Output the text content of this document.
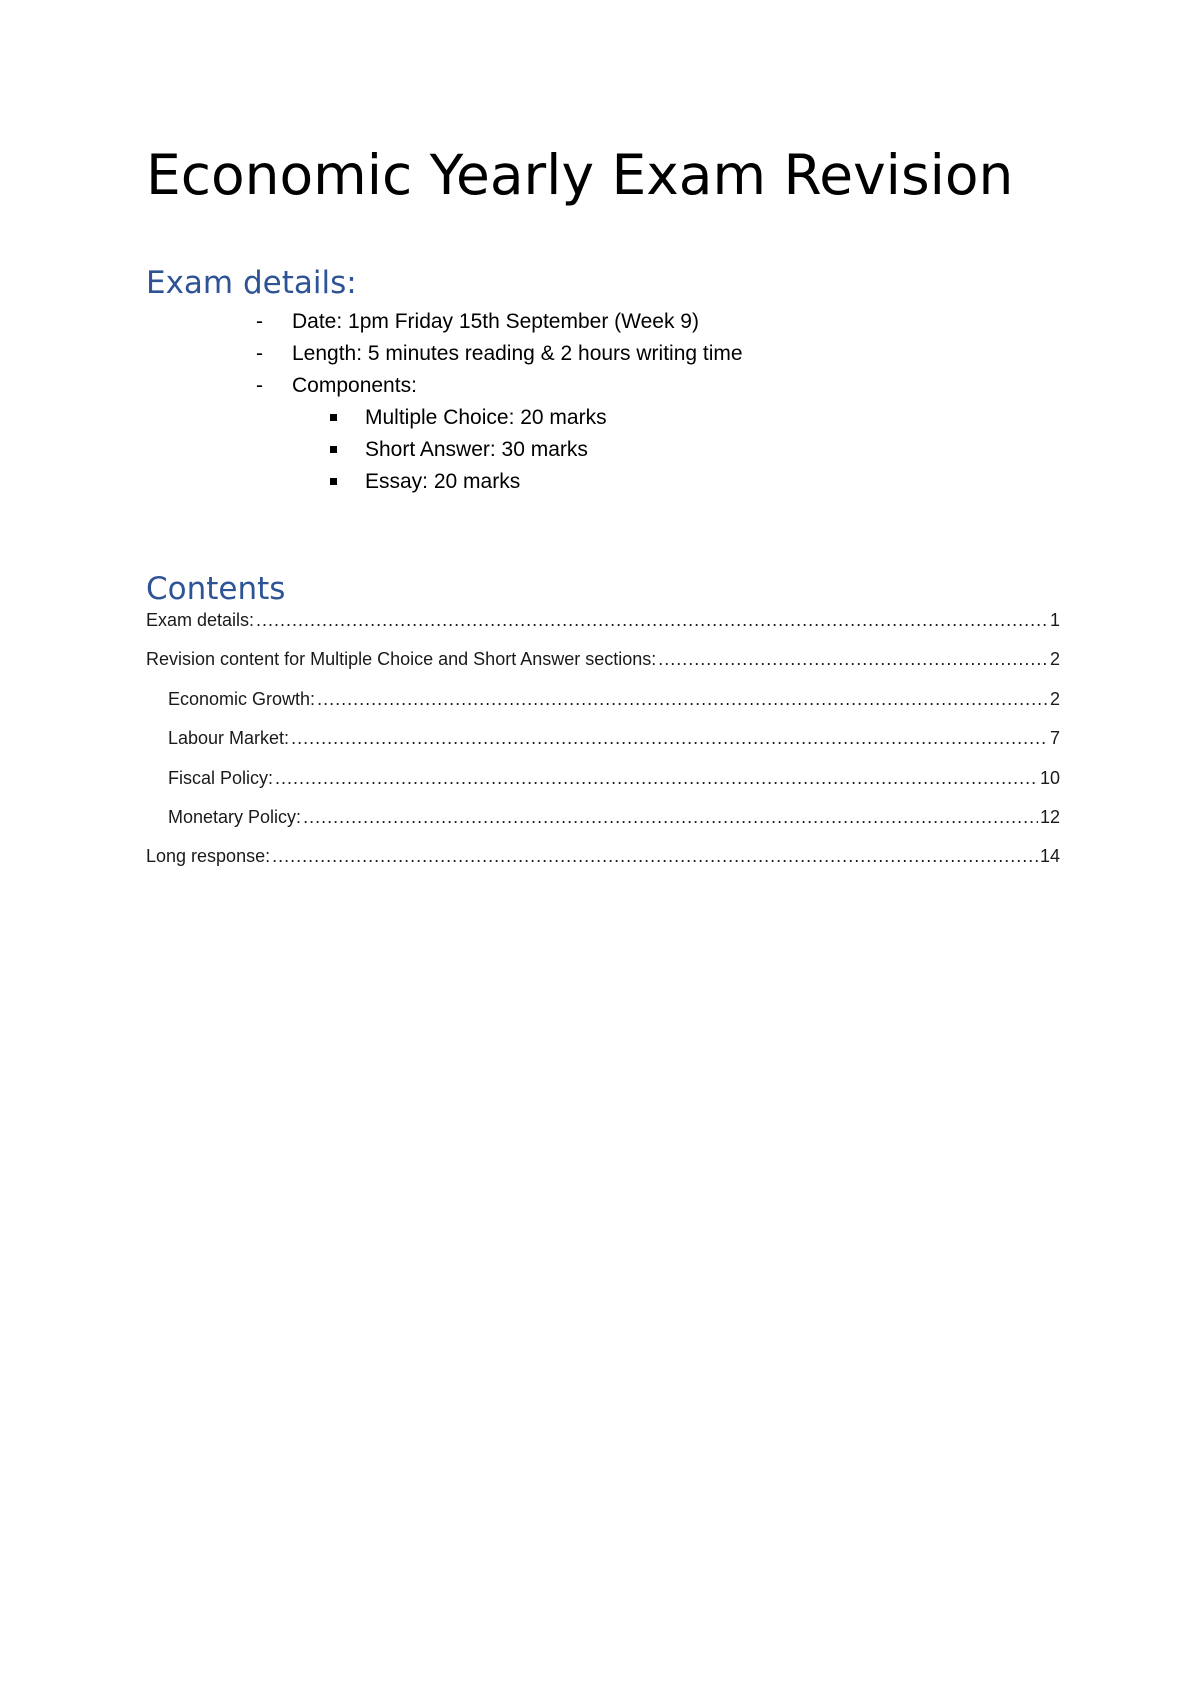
Economic Yearly Exam Revision
Exam details:
- Date: 1pm Friday 15th September (Week 9)
- Length: 5 minutes reading & 2 hours writing time
- Components:
Multiple Choice: 20 marks
Short Answer: 30 marks
Essay: 20 marks
Contents
Exam details: .....	1
Revision content for Multiple Choice and Short Answer sections: .....	2
Economic Growth: .....	2
Labour Market: .....	7
Fiscal Policy: .....	10
Monetary Policy: .....	12
Long response: .....	14
